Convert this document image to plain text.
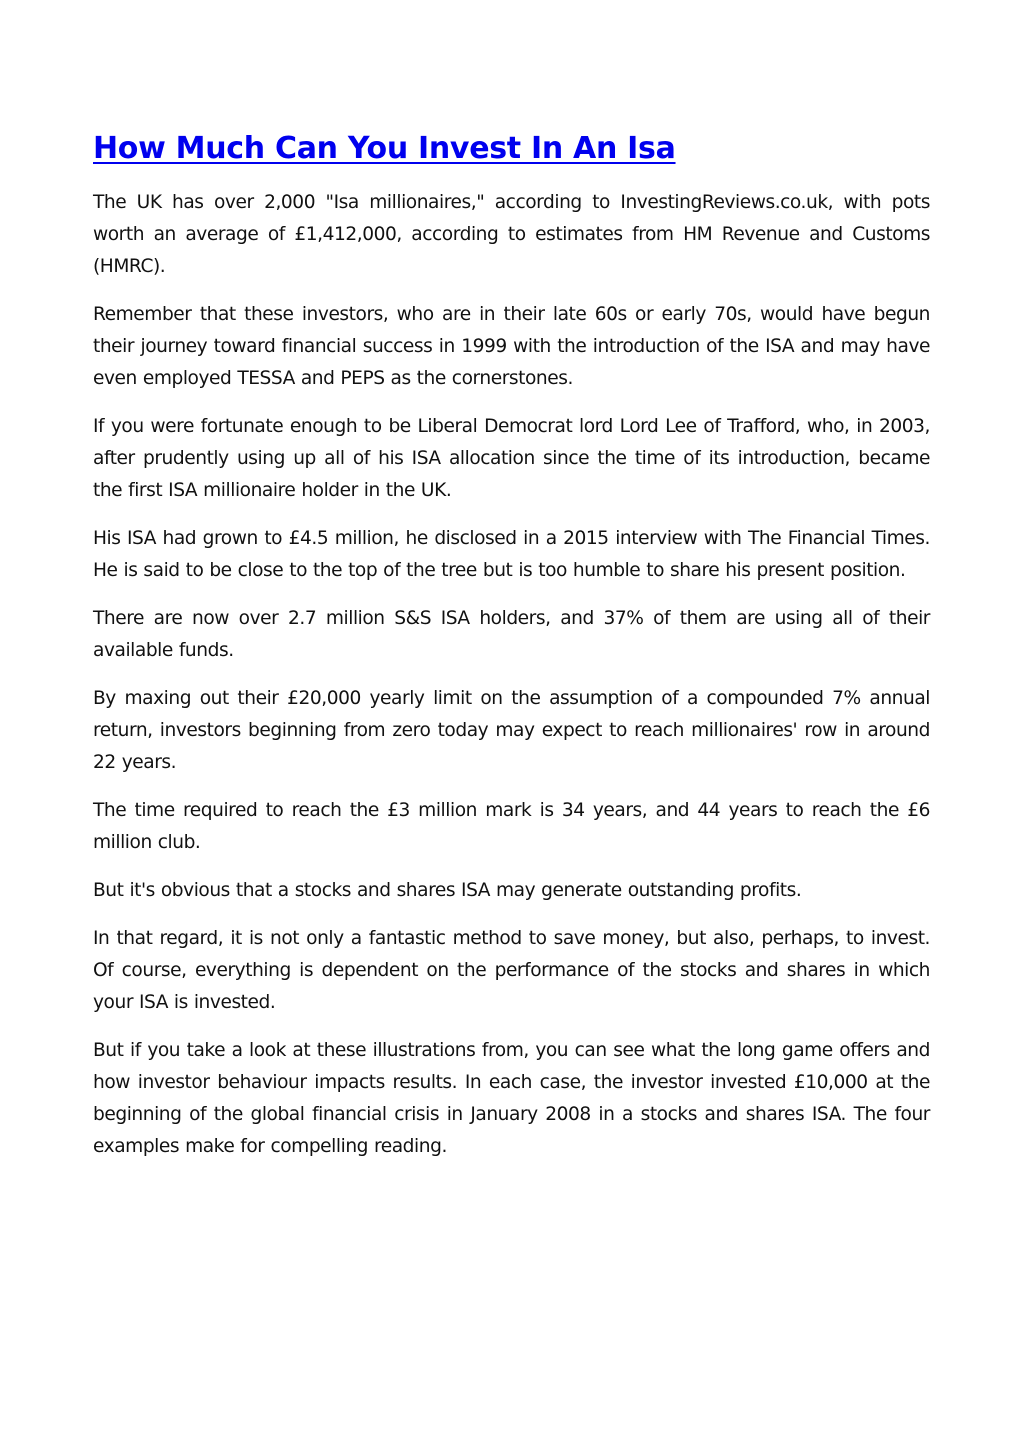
How Much Can You Invest In An Isa

The UK has over 2,000 "Isa millionaires," according to InvestingReviews.co.uk, with pots worth an average of £1,412,000, according to estimates from HM Revenue and Customs (HMRC).

Remember that these investors, who are in their late 60s or early 70s, would have begun their journey toward financial success in 1999 with the introduction of the ISA and may have even employed TESSA and PEPS as the cornerstones.

If you were fortunate enough to be Liberal Democrat lord Lord Lee of Trafford, who, in 2003, after prudently using up all of his ISA allocation since the time of its introduction, became the first ISA millionaire holder in the UK.

His ISA had grown to £4.5 million, he disclosed in a 2015 interview with The Financial Times. He is said to be close to the top of the tree but is too humble to share his present position.

There are now over 2.7 million S&S ISA holders, and 37% of them are using all of their available funds.

By maxing out their £20,000 yearly limit on the assumption of a compounded 7% annual return, investors beginning from zero today may expect to reach millionaires' row in around 22 years.

The time required to reach the £3 million mark is 34 years, and 44 years to reach the £6 million club.

But it's obvious that a stocks and shares ISA may generate outstanding profits.

In that regard, it is not only a fantastic method to save money, but also, perhaps, to invest. Of course, everything is dependent on the performance of the stocks and shares in which your ISA is invested.

But if you take a look at these illustrations from, you can see what the long game offers and how investor behaviour impacts results. In each case, the investor invested £10,000 at the beginning of the global financial crisis in January 2008 in a stocks and shares ISA. The four examples make for compelling reading.
